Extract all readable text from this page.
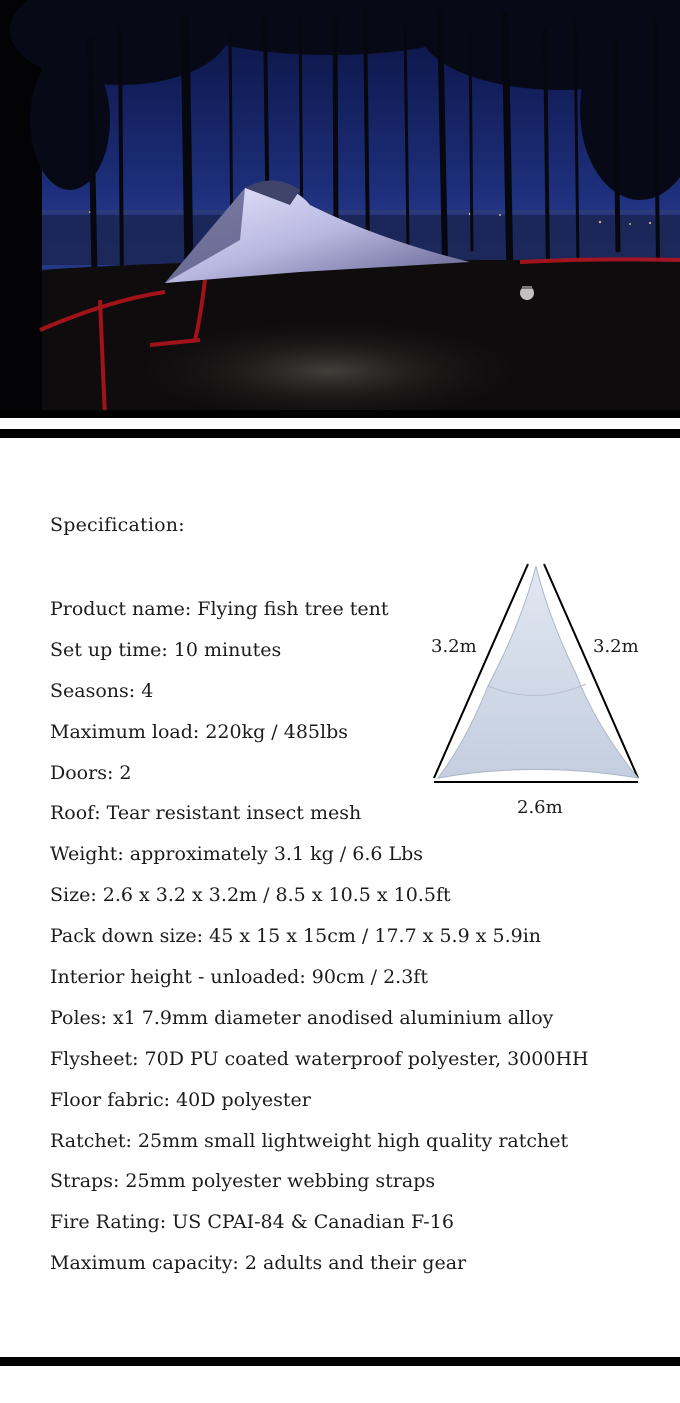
Specification:
Product name: Flying fish tree tent
Set up time: 10 minutes
Seasons: 4
Maximum load: 220kg / 485lbs
Doors: 2
Roof: Tear resistant insect mesh
Weight: approximately 3.1 kg / 6.6 Lbs
Size: 2.6 x 3.2 x 3.2m / 8.5 x 10.5 x 10.5ft
Pack down size: 45 x 15 x 15cm / 17.7 x 5.9 x 5.9in
Interior height - unloaded: 90cm / 2.3ft
Poles: x1 7.9mm diameter anodised aluminium alloy
Flysheet: 70D PU coated waterproof polyester, 3000HH
Floor fabric: 40D polyester
Ratchet: 25mm small lightweight high quality ratchet
Straps: 25mm polyester webbing straps
Fire Rating: US CPAI-84 & Canadian F-16
Maximum capacity: 2 adults and their gear
3.2m	3.2m
2.6m
